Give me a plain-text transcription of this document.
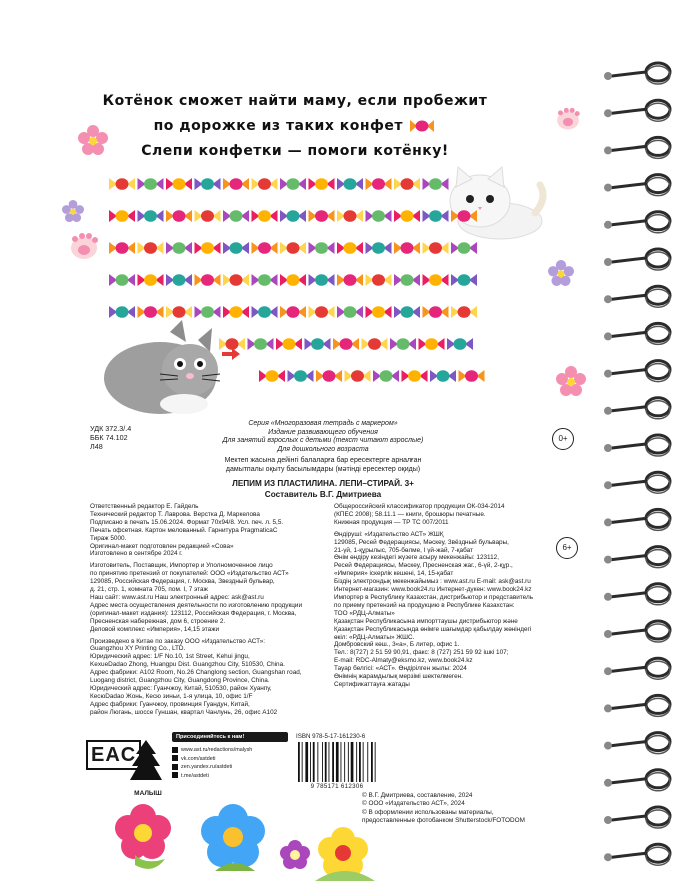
Котёнок сможет найти маму, если пробежит
по дорожке из таких конфет
Слепи конфетки — помоги котёнку!
УДК 372.3/.4
ББК 74.102
Л48
Серия «Многоразовая тетрадь с маркером»
Издание развивающего обучения
Для занятий взрослых с детьми (текст читают взрослые)
Для дошкольного возраста
Мектеп жасына дейінгі балаларға бар ересектерге арналған
дамытпалы оқыту басылымдары (мәтінді ересектер оқиды)
0+
ЛЕПИМ ИЗ ПЛАСТИЛИНА. ЛЕПИ–СТИРАЙ. 3+
Составитель В.Г. Дмитриева
Ответственный редактор Е. Гайдель
Технический редактор Т. Лаврова. Верстка Д. Маркелова
Подписано в печать 15.06.2024. Формат 70x94/8. Усл. печ. л. 5,5.
Печать офсетная. Картон мелованный. Гарнитура PragmaticaC
Тираж 5000.
Оригинал-макет подготовлен редакцией «Сова»
Изготовлено в сентябре 2024 г.
Изготовитель, Поставщик, Импортер и Уполномоченное лицо
по принятию претензий от покупателей: ООО «Издательство АСТ»
129085, Российская Федерация, г. Москва, Звездный бульвар,
д. 21, стр. 1, комната 705, пом. I, 7 этаж
Наш сайт: www.ast.ru Наш электронный адрес: ask@ast.ru
Адрес места осуществления деятельности по изготовлению продукции
(оригинал-макет издания): 123112, Российская Федерация, г. Москва,
Пресненская набережная, дом 6, строение 2.
Деловой комплекс «Империя», 14,15 этажи
Произведено в Китае по заказу ООО «Издательство АСТ»:
Guangzhou XY Printing Co., LTD.
Юридический адрес: 1/F No.10, 1st Street, Kehui jingu,
KexueDadao Zhong, Huangpu Dist. Guangzhou City, 510530, China.
Адрес фабрики: A102 Room, No.26 Changlong section, Guangshan road,
Luogang district, Guangzhou City, Guangdong Province, China.
Юридический адрес: Гуанчжоу, Китай, 510530, район Хуанпу,
КесюDadao Жонь, Кесю зиньи, 1-я улица, 10, офис 1/F
Адрес фабрики: Гуанчжоу, провинция Гуандун, Китай,
район Люгань, шоссе Гуншан, квартал Чанлунь, 26, офис A102
Общероссийский классификатор продукции ОК-034-2014
(КПЕС 2008); 58.11.1 — книги, брошюры печатные.
Книжная продукция — ТР ТС 007/2011
Өндіруші: «Издательство АСТ» ЖШҚ
129085, Ресей Федерациясы, Мәскеу, Звёздный бульвары,
21-үй, 1-құрылыс, 705-бөлме, I үй-жай, 7-қабат
Өнім өндіру кезіндегі жүзеге асыру мекенжайы: 123112,
Ресей Федерациясы, Мәскеу, Пресненская жаг., 6-үй, 2-құр.,
«Империя» іскерлік кешені, 14, 15-қабат
Біздің электрондық мекенжайымыз : www.ast.ru E-mail: ask@ast.ru
Интернет-магазин: www.book24.ru Интернет-дүкен: www.book24.kz
Импортер в Республику Казахстан, дистрибьютор и представитель
по приему претензий на продукцию в Республике Казахстан:
ТОО «РДЦ-Алматы»
Қазақстан Республикасына импорттаушы дистрибьютор және
Қазақстан Республикасында өнімге шағымдар қабылдау жөніндегі
өкіл: «РДЦ-Алматы» ЖШС.
Домбровский көш., 3«а», Б литер, офис 1.
Тел.: 8(727) 2 51 59 90,91, факс: 8 (727) 251 59 92 ішкі 107;
E-mail: RDC-Almaty@eksmo.kz, www.book24.kz
Тауар белгісі: «АСТ». Өндірілген жылы: 2024
Өнімнің жарамдылық мерзімі шектелмеген.
Сертификаттауға жатады
6+
EAC
МАЛЫШ
Присоединяйтесь к нам!
www.ast.ru/redactions/malysh
vk.com/astdeti
zen.yandex.ru/astdeti
t.me/astdeti
ISBN 978-5-17-161230-6
9 785171 612306
© В.Г. Дмитриева, составление, 2024
© ООО «Издательство АСТ», 2024
© В оформлении использованы материалы,
предоставленные фотобанком Shutterstock/FOTODOM
